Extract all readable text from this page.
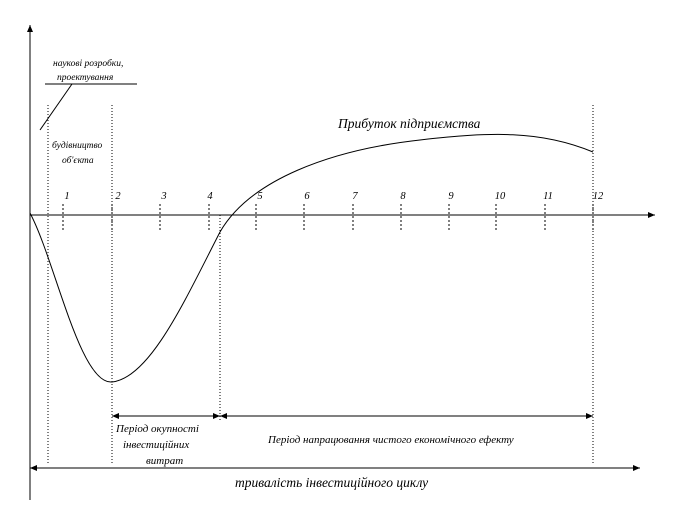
1	2	3	4	5	6	7	8	9	10	11	12
наукові розробки,
проектування
будівництво
об'єкта
Прибуток підприємства
Період окупності
інвестиційних
витрат
Період напрацювання чистого економічного ефекту
тривалість інвестиційного циклу
